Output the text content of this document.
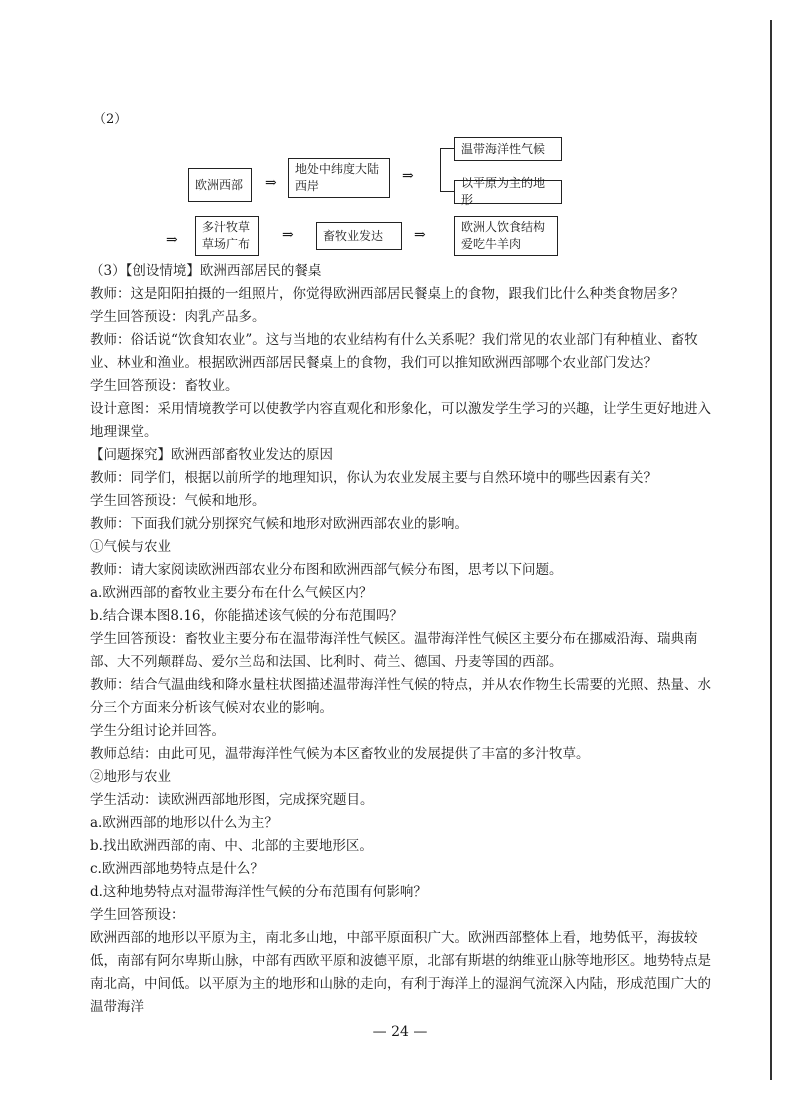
（2）
欧洲西部	⇒
地处中纬度大陆西岸
⇒
温带海洋性气候
以平原为主的地形
⇒
多汁牧草草场广布
⇒	畜牧业发达	⇒	欧洲人饮食结构爱吃牛羊肉

（3）【创设情境】欧洲西部居民的餐桌

教师：这是阳阳拍摄的一组照片，你觉得欧洲西部居民餐桌上的食物，跟我们比什么种类食物居多？

学生回答预设：肉乳产品多。

教师：俗话说“饮食知农业”。这与当地的农业结构有什么关系呢？我们常见的农业部门有种植业、畜牧业、林业和渔业。根据欧洲西部居民餐桌上的食物，我们可以推知欧洲西部哪个农业部门发达？

学生回答预设：畜牧业。

设计意图：采用情境教学可以使教学内容直观化和形象化，可以激发学生学习的兴趣，让学生更好地进入地理课堂。

【问题探究】欧洲西部畜牧业发达的原因

教师：同学们，根据以前所学的地理知识，你认为农业发展主要与自然环境中的哪些因素有关？

学生回答预设：气候和地形。

教师：下面我们就分别探究气候和地形对欧洲西部农业的影响。

①气候与农业

教师：请大家阅读欧洲西部农业分布图和欧洲西部气候分布图，思考以下问题。

a.欧洲西部的畜牧业主要分布在什么气候区内？

b.结合课本图8.16，你能描述该气候的分布范围吗？

学生回答预设：畜牧业主要分布在温带海洋性气候区。温带海洋性气候区主要分布在挪威沿海、瑞典南部、大不列颠群岛、爱尔兰岛和法国、比利时、荷兰、德国、丹麦等国的西部。

教师：结合气温曲线和降水量柱状图描述温带海洋性气候的特点，并从农作物生长需要的光照、热量、水分三个方面来分析该气候对农业的影响。

学生分组讨论并回答。

教师总结：由此可见，温带海洋性气候为本区畜牧业的发展提供了丰富的多汁牧草。

②地形与农业

学生活动：读欧洲西部地形图，完成探究题目。

a.欧洲西部的地形以什么为主？

b.找出欧洲西部的南、中、北部的主要地形区。

c.欧洲西部地势特点是什么？

d.这种地势特点对温带海洋性气候的分布范围有何影响？

学生回答预设：

欧洲西部的地形以平原为主，南北多山地，中部平原面积广大。欧洲西部整体上看，地势低平，海拔较低，南部有阿尔卑斯山脉，中部有西欧平原和波德平原，北部有斯堪的纳维亚山脉等地形区。地势特点是南北高，中间低。以平原为主的地形和山脉的走向，有利于海洋上的湿润气流深入内陆，形成范围广大的温带海洋

— 24 —
